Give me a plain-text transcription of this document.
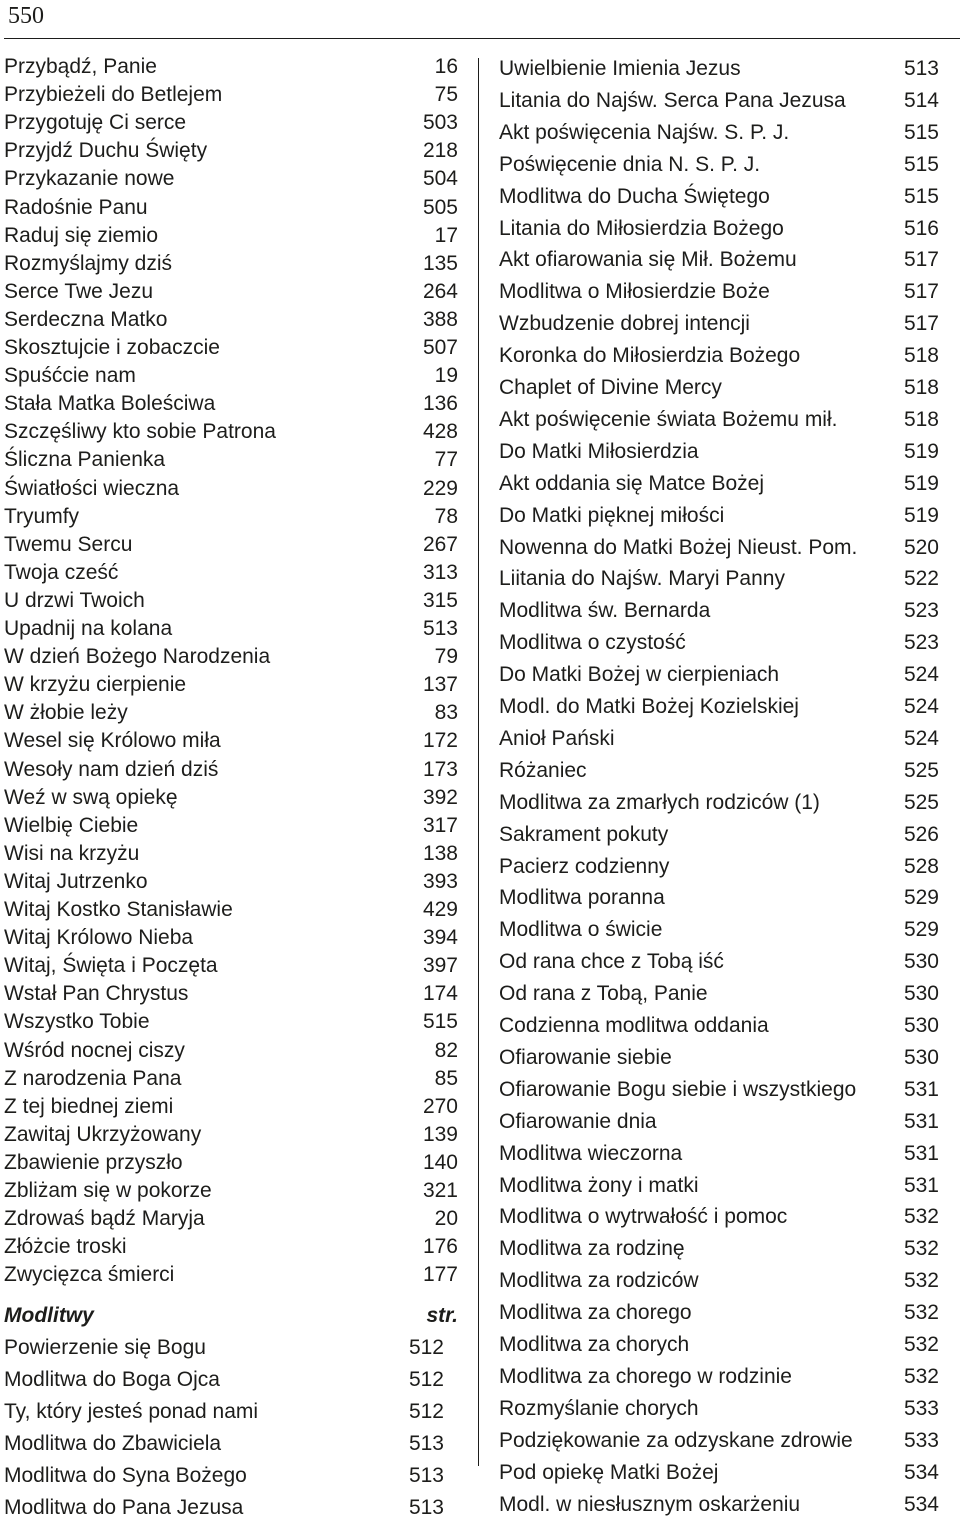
550
Przybądź, Panie	16
Przybieżeli do Betlejem	75
Przygotuję Ci serce	503
Przyjdź Duchu Święty	218
Przykazanie nowe	504
Radośnie Panu	505
Raduj się ziemio	17
Rozmyślajmy dziś	135
Serce Twe Jezu	264
Serdeczna Matko	388
Skosztujcie i zobaczcie	507
Spuśćcie nam	19
Stała Matka Boleściwa	136
Szczęśliwy kto sobie Patrona	428
Śliczna Panienka	77
Światłości wieczna	229
Tryumfy	78
Twemu Sercu	267
Twoja cześć	313
U drzwi Twoich	315
Upadnij na kolana	513
W dzień Bożego Narodzenia	79
W krzyżu cierpienie	137
W żłobie leży	83
Wesel się Królowo miła	172
Wesoły nam dzień dziś	173
Weź w swą opiekę	392
Wielbię Ciebie	317
Wisi na krzyżu	138
Witaj Jutrzenko	393
Witaj Kostko Stanisławie	429
Witaj Królowo Nieba	394
Witaj, Święta i Poczęta	397
Wstał Pan Chrystus	174
Wszystko Tobie	515
Wśród nocnej ciszy	82
Z narodzenia Pana	85
Z tej biednej ziemi	270
Zawitaj Ukrzyżowany	139
Zbawienie przyszło	140
Zbliżam się w pokorze	321
Zdrowaś bądź Maryja	20
Złóżcie troski	176
Zwycięzca śmierci	177
Modlitwy	str.
Powierzenie się Bogu	512
Modlitwa do Boga Ojca	512
Ty, który jesteś ponad nami	512
Modlitwa do Zbawiciela	513
Modlitwa do Syna Bożego	513
Modlitwa do Pana Jezusa	513
Uwielbienie Imienia Jezus	513
Litania do Najśw. Serca Pana Jezusa	514
Akt poświęcenia Najśw. S. P. J.	515
Poświęcenie dnia N. S. P. J.	515
Modlitwa do Ducha Świętego	515
Litania do Miłosierdzia Bożego	516
Akt ofiarowania się Mił. Bożemu	517
Modlitwa o Miłosierdzie Boże	517
Wzbudzenie dobrej intencji	517
Koronka do Miłosierdzia Bożego	518
Chaplet of Divine Mercy	518
Akt poświęcenie świata Bożemu mił.	518
Do Matki Miłosierdzia	519
Akt oddania się Matce Bożej	519
Do Matki pięknej miłości	519
Nowenna do Matki Bożej Nieust. Pom. 520
Liitania do Najśw. Maryi Panny	522
Modlitwa św. Bernarda	523
Modlitwa o czystość	523
Do Matki Bożej w cierpieniach	524
Modl. do Matki Bożej Kozielskiej	524
Anioł Pański	524
Różaniec	525
Modlitwa za zmarłych rodziców (1)	525
Sakrament pokuty	526
Pacierz codzienny	528
Modlitwa poranna	529
Modlitwa o świcie	529
Od rana chce z Tobą iść	530
Od rana z Tobą, Panie	530
Codzienna modlitwa oddania	530
Ofiarowanie siebie	530
Ofiarowanie Bogu siebie i wszystkiego 531
Ofiarowanie dnia	531
Modlitwa wieczorna	531
Modlitwa żony i matki	531
Modlitwa o wytrwałość i pomoc	532
Modlitwa za rodzinę	532
Modlitwa za rodziców	532
Modlitwa za chorego	532
Modlitwa za chorych	532
Modlitwa za chorego w rodzinie	532
Rozmyślanie chorych	533
Podziękowanie za odzyskane zdrowie 533
Pod opiekę Matki Bożej	534
Modl. w niesłusznym oskarżeniu	534
